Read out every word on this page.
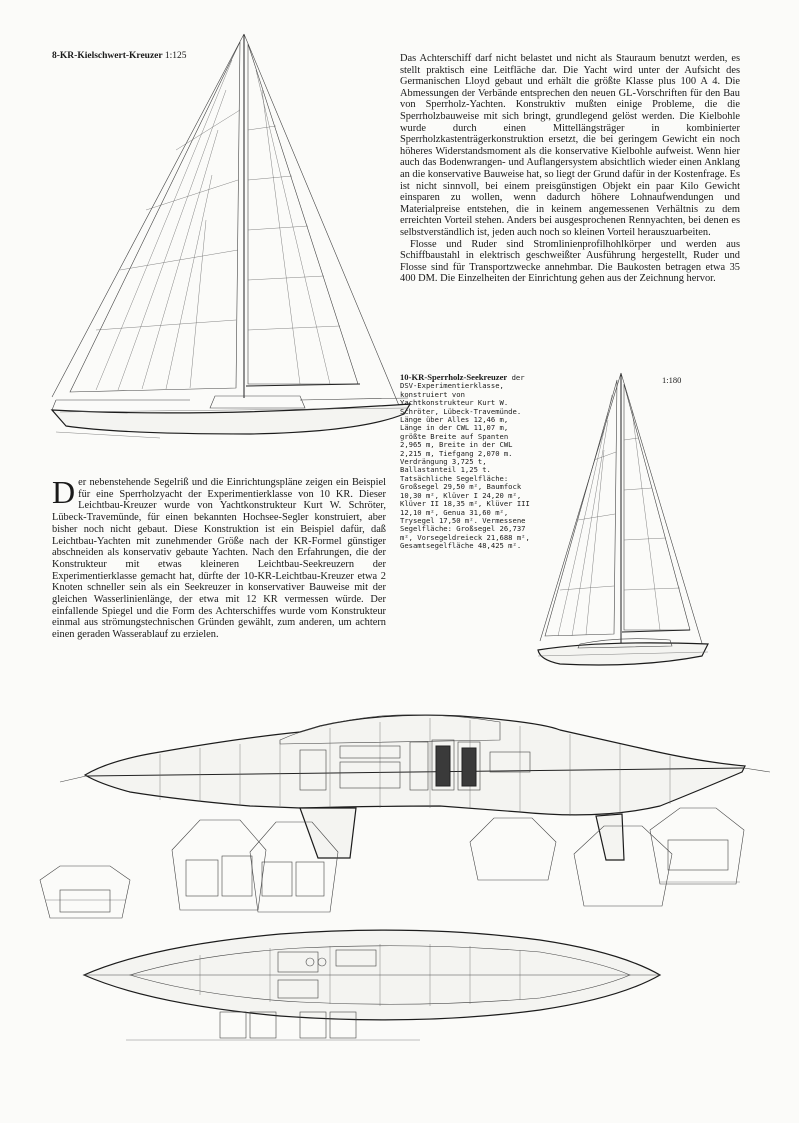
8-KR-Kielschwert-Kreuzer 1:125	Das Achterschiff darf nicht belastet und nicht als Stauraum benutzt werden, es stellt praktisch eine Leitfläche dar. Die Yacht wird unter der Aufsicht des Germanischen Lloyd gebaut und erhält die größte Klasse plus 100 A 4. Die Abmessungen der Verbände entsprechen den neuen GL-Vorschriften für den Bau von Sperrholz-Yachten. Konstruktiv mußten einige Probleme, die die Sperrholzbauweise mit sich bringt, grundlegend gelöst werden. Die Kielbohle wurde durch einen Mittellängsträger in kombinierter Sperrholzkastenträgerkonstruktion ersetzt, die bei geringem Gewicht ein noch höheres Widerstandsmoment als die konservative Kielbohle aufweist. Wenn hier auch das Bodenwrangen- und Auflangersystem absichtlich wieder einen Anklang an die konservative Bauweise hat, so liegt der Grund dafür in der Kostenfrage. Es ist nicht sinnvoll, bei einem preisgünstigen Objekt ein paar Kilo Gewicht einsparen zu wollen, wenn dadurch höhere Lohnaufwendungen und Materialpreise entstehen, die in keinem angemessenen Verhältnis zu dem erreichten Vorteil stehen. Anders bei ausgesprochenen Rennyachten, bei denen es selbstverständlich ist, jeden auch noch so kleinen Vorteil herauszuarbeiten.

Flosse und Ruder sind Stromlinienprofilhohlkörper und werden aus Schiffbaustahl in elektrisch geschweißter Ausführung hergestellt, Ruder und Flosse sind für Transportzwecke annehmbar. Die Baukosten betragen etwa 35 400 DM. Die Einzelheiten der Einrichtung gehen aus der Zeichnung hervor.

10-KR-Sperrholz-Seekreuzer der DSV-Experimentierklasse, konstruiert von Yachtkonstrukteur Kurt W. Schröter, Lübeck-Travemünde. Länge über Alles 12,46 m, Länge in der CWL 11,07 m, größte Breite auf Spanten 2,965 m, Breite in der CWL 2,215 m, Tiefgang 2,070 m. Verdrängung 3,725 t, Ballastanteil 1,25 t. Tatsächliche Segelfläche: Großsegel 29,50 m², Baumfock 10,30 m², Klüver I 24,20 m², Klüver II 18,35 m², Klüver III 12,10 m², Genua 31,60 m², Trysegel 17,50 m². Vermessene Segelfläche: Großsegel 26,737 m², Vorsegeldreieck 21,688 m², Gesamtsegelfläche 48,425 m².
1:180
D er nebenstehende Segelriß und die Einrichtungspläne zeigen ein Beispiel für eine Sperrholzyacht der Experimentierklasse von 10 KR. Dieser Leichtbau-Kreuzer wurde von Yachtkonstrukteur Kurt W. Schröter, Lübeck-Travemünde, für einen bekannten Hochsee-Segler konstruiert, aber bisher noch nicht gebaut. Diese Konstruktion ist ein Beispiel dafür, daß Leichtbau-Yachten mit zunehmender Größe nach der KR-Formel günstiger abschneiden als konservativ gebaute Yachten. Nach den Erfahrungen, die der Konstrukteur mit etwas kleineren Leichtbau-Seekreuzern der Experimentierklasse gemacht hat, dürfte der 10-KR-Leichtbau-Kreuzer etwa 2 Knoten schneller sein als ein Seekreuzer in konservativer Bauweise mit der gleichen Wasserlinienlänge, der etwa mit 12 KR vermessen würde. Der einfallende Spiegel und die Form des Achterschiffes wurde vom Konstrukteur einmal aus strömungstechnischen Gründen gewählt, zum anderen, um achtern einen geraden Wasserablauf zu erzielen.
